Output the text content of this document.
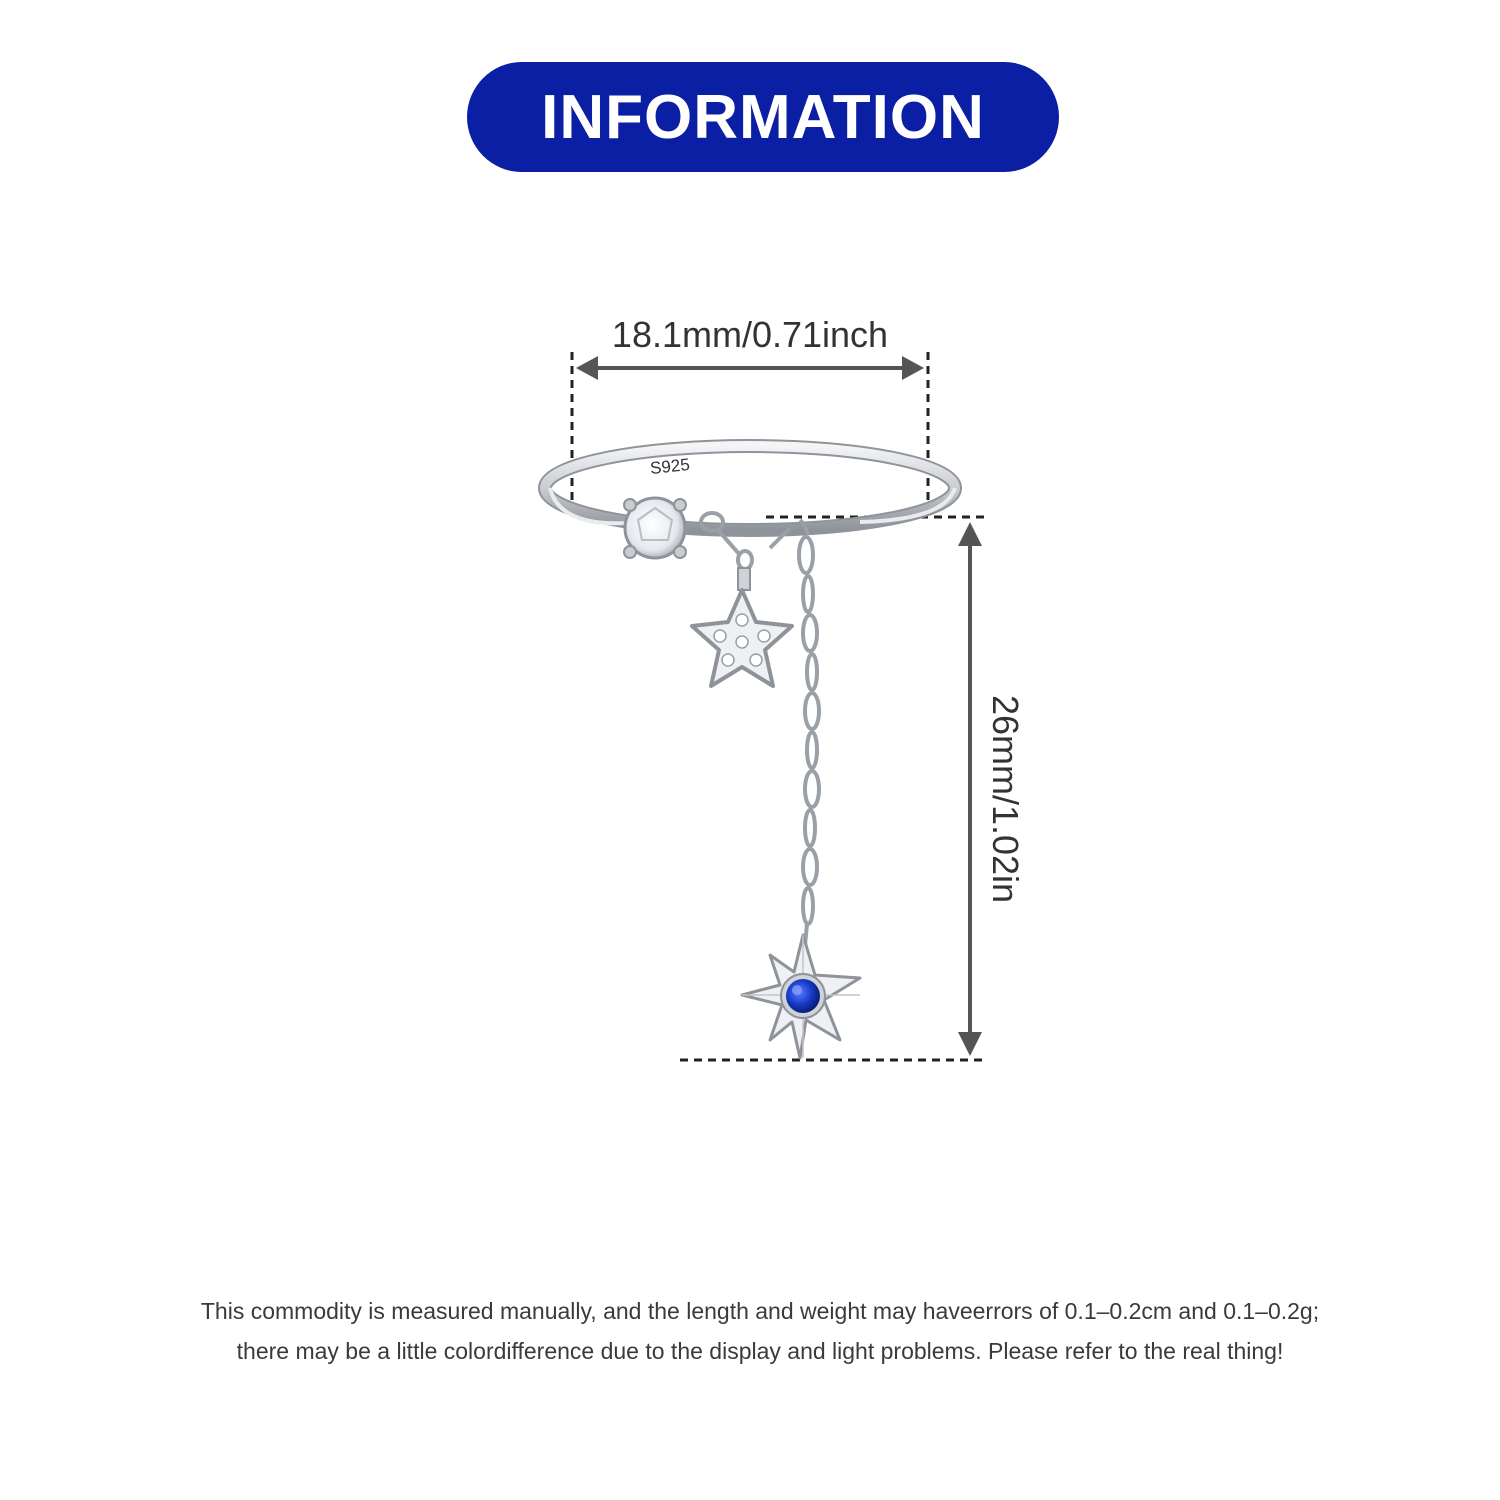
INFORMATION
S925
18.1mm/0.71inch
26mm/1.02in
This commodity is measured manually, and the length and weight may haveerrors of 0.1–0.2cm and 0.1–0.2g;
there may be a little colordifference due to the display and light problems. Please refer to the real thing!
